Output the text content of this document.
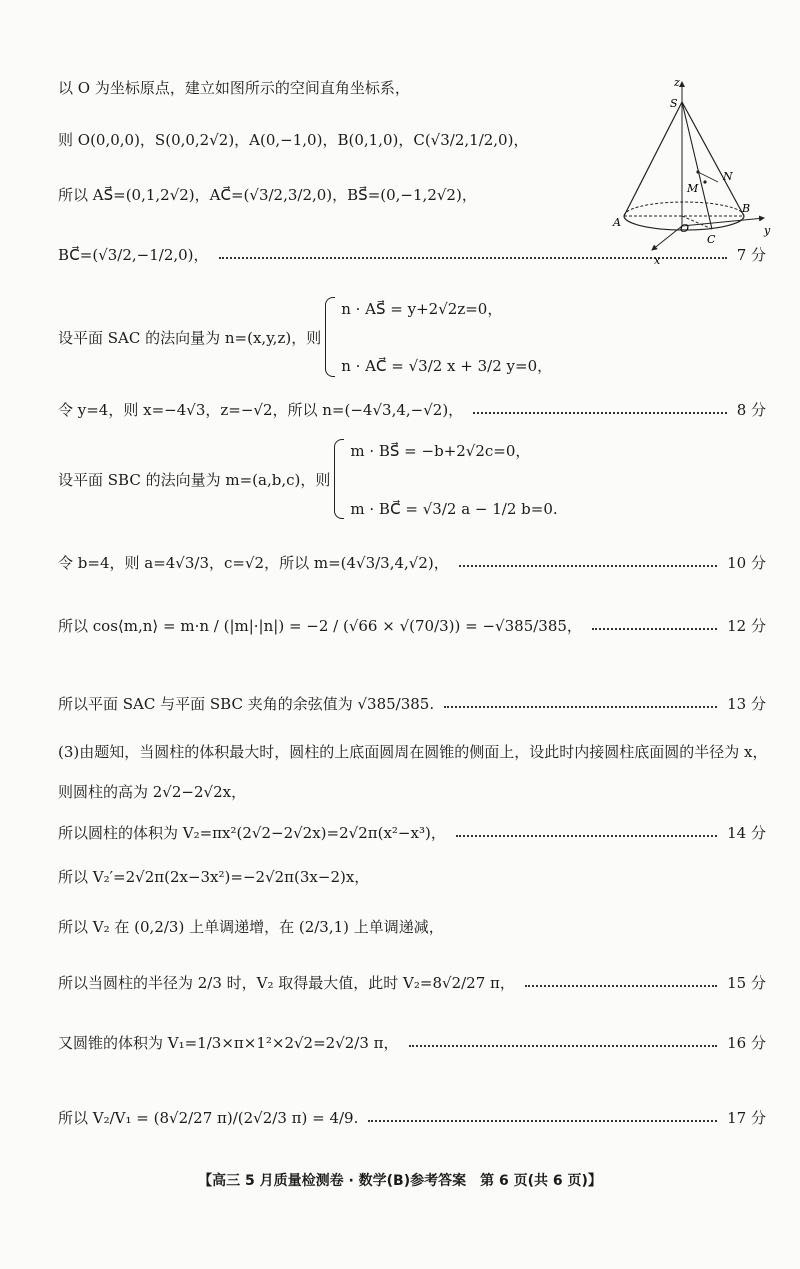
以 O 为坐标原点，建立如图所示的空间直角坐标系，
则 O(0,0,0)，S(0,0,2√2)，A(0,−1,0)，B(0,1,0)，C(√3/2,1/2,0)，
所以 AS⃗=(0,1,2√2)，AC⃗=(√3/2,3/2,0)，BS⃗=(0,−1,2√2)，
BC⃗=(√3/2,−1/2,0)，	7 分
设平面 SAC 的法向量为 n=(x,y,z)，则
n · AS⃗ = y+2√2z=0，
n · AC⃗ = √3/2 x + 3/2 y=0，
令 y=4，则 x=−4√3，z=−√2，所以 n=(−4√3,4,−√2)，	8 分
设平面 SBC 的法向量为 m=(a,b,c)，则
m · BS⃗ = −b+2√2c=0，
m · BC⃗ = √3/2 a − 1/2 b=0.
令 b=4，则 a=4√3/3，c=√2，所以 m=(4√3/3,4,√2)，	10 分
所以 cos⟨m,n⟩ = m·n / (|m|·|n|) = −2 / (√66 × √(70/3)) = −√385/385，	12 分
所以平面 SAC 与平面 SBC 夹角的余弦值为 √385/385.	13 分
(3)由题知，当圆柱的体积最大时，圆柱的上底面圆周在圆锥的侧面上，设此时内接圆柱底面圆的半径为 x，
则圆柱的高为 2√2−2√2x，
所以圆柱的体积为 V₂=πx²(2√2−2√2x)=2√2π(x²−x³)，	14 分
所以 V₂′=2√2π(2x−3x²)=−2√2π(3x−2)x，
所以 V₂ 在 (0,2/3) 上单调递增，在 (2/3,1) 上单调递减，
所以当圆柱的半径为 2/3 时，V₂ 取得最大值，此时 V₂=8√2/27 π，	15 分
又圆锥的体积为 V₁=1/3×π×1²×2√2=2√2/3 π，	16 分
所以 V₂/V₁ = (8√2/27 π)/(2√2/3 π) = 4/9.	17 分
z
S
N
M
A	O
B
C
y
x
【高三 5 月质量检测卷 · 数学(B)参考答案　第 6 页(共 6 页)】
